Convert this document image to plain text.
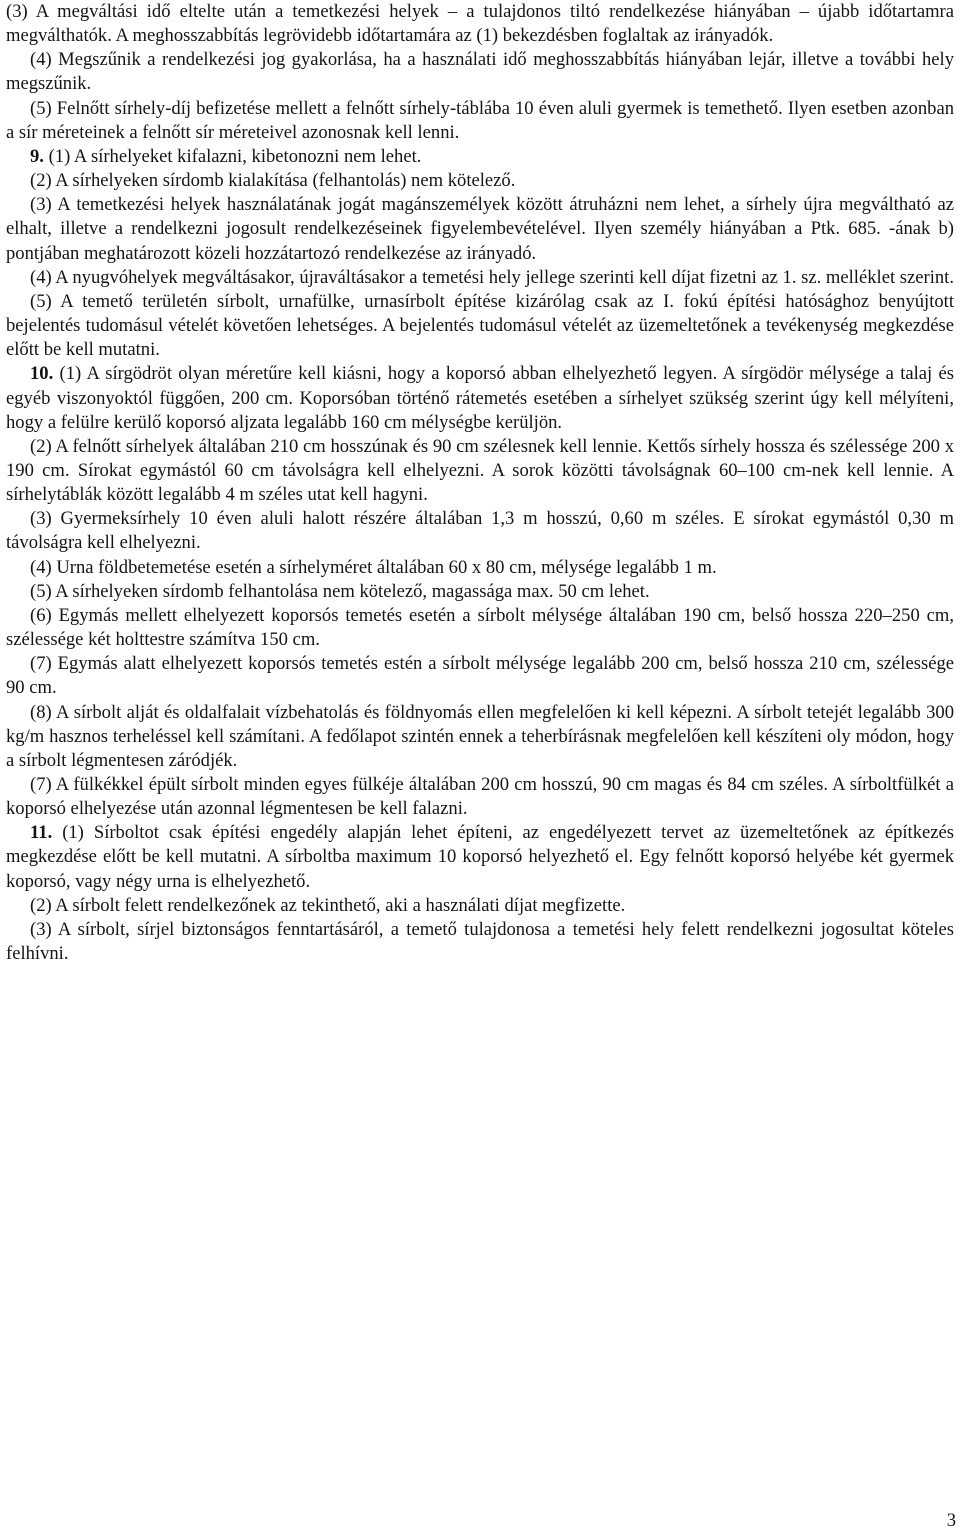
(3) A megváltási idő eltelte után a temetkezési helyek – a tulajdonos tiltó rendelkezése hiányában – újabb időtartamra megválthatók. A meghosszabbítás legrövidebb időtartamára az (1) bekezdésben foglaltak az irányadók.

(4) Megszűnik a rendelkezési jog gyakorlása, ha a használati idő meghosszabbítás hiányában lejár, illetve a további hely megszűnik.

(5) Felnőtt sírhely-díj befizetése mellett a felnőtt sírhely-táblába 10 éven aluli gyermek is temethető. Ilyen esetben azonban a sír méreteinek a felnőtt sír méreteivel azonosnak kell lenni.

9. (1) A sírhelyeket kifalazni, kibetonozni nem lehet.

(2) A sírhelyeken sírdomb kialakítása (felhantolás) nem kötelező.

(3) A temetkezési helyek használatának jogát magánszemélyek között átruházni nem lehet, a sírhely újra megváltható az elhalt, illetve a rendelkezni jogosult rendelkezéseinek figyelembevételével. Ilyen személy hiányában a Ptk. 685. -ának b) pontjában meghatározott közeli hozzátartozó rendelkezése az irányadó.

(4) A nyugvóhelyek megváltásakor, újraváltásakor a temetési hely jellege szerinti kell díjat fizetni az 1. sz. melléklet szerint.

(5) A temető területén sírbolt, urnafülke, urnasírbolt építése kizárólag csak az I. fokú építési hatósághoz benyújtott bejelentés tudomásul vételét követően lehetséges. A bejelentés tudomásul vételét az üzemeltetőnek a tevékenység megkezdése előtt be kell mutatni.

10. (1) A sírgödröt olyan méretűre kell kiásni, hogy a koporsó abban elhelyezhető legyen. A sírgödör mélysége a talaj és egyéb viszonyoktól függően, 200 cm. Koporsóban történő rátemetés esetében a sírhelyet szükség szerint úgy kell mélyíteni, hogy a felülre kerülő koporsó aljzata legalább 160 cm mélységbe kerüljön.

(2) A felnőtt sírhelyek általában 210 cm hosszúnak és 90 cm szélesnek kell lennie. Kettős sírhely hossza és szélessége 200 x 190 cm. Sírokat egymástól 60 cm távolságra kell elhelyezni. A sorok közötti távolságnak 60–100 cm-nek kell lennie. A sírhelytáblák között legalább 4 m széles utat kell hagyni.

(3) Gyermeksírhely 10 éven aluli halott részére általában 1,3 m hosszú, 0,60 m széles. E sírokat egymástól 0,30 m távolságra kell elhelyezni.

(4) Urna földbetemetése esetén a sírhelyméret általában 60 x 80 cm, mélysége legalább 1 m.

(5) A sírhelyeken sírdomb felhantolása nem kötelező, magassága max. 50 cm lehet.

(6) Egymás mellett elhelyezett koporsós temetés esetén a sírbolt mélysége általában 190 cm, belső hossza 220–250 cm, szélessége két holttestre számítva 150 cm.

(7) Egymás alatt elhelyezett koporsós temetés estén a sírbolt mélysége legalább 200 cm, belső hossza 210 cm, szélessége 90 cm.

(8) A sírbolt alját és oldalfalait vízbehatolás és földnyomás ellen megfelelően ki kell képezni. A sírbolt tetejét legalább 300 kg/m hasznos terheléssel kell számítani. A fedőlapot szintén ennek a teherbírásnak megfelelően kell készíteni oly módon, hogy a sírbolt légmentesen záródjék.

(7) A fülkékkel épült sírbolt minden egyes fülkéje általában 200 cm hosszú, 90 cm magas és 84 cm széles. A sírboltfülkét a koporsó elhelyezése után azonnal légmentesen be kell falazni.

11. (1) Sírboltot csak építési engedély alapján lehet építeni, az engedélyezett tervet az üzemeltetőnek az építkezés megkezdése előtt be kell mutatni. A sírboltba maximum 10 koporsó helyezhető el. Egy felnőtt koporsó helyébe két gyermek koporsó, vagy négy urna is elhelyezhető.

(2) A sírbolt felett rendelkezőnek az tekinthető, aki a használati díjat megfizette.

(3) A sírbolt, sírjel biztonságos fenntartásáról, a temető tulajdonosa a temetési hely felett rendelkezni jogosultat köteles felhívni.

3
